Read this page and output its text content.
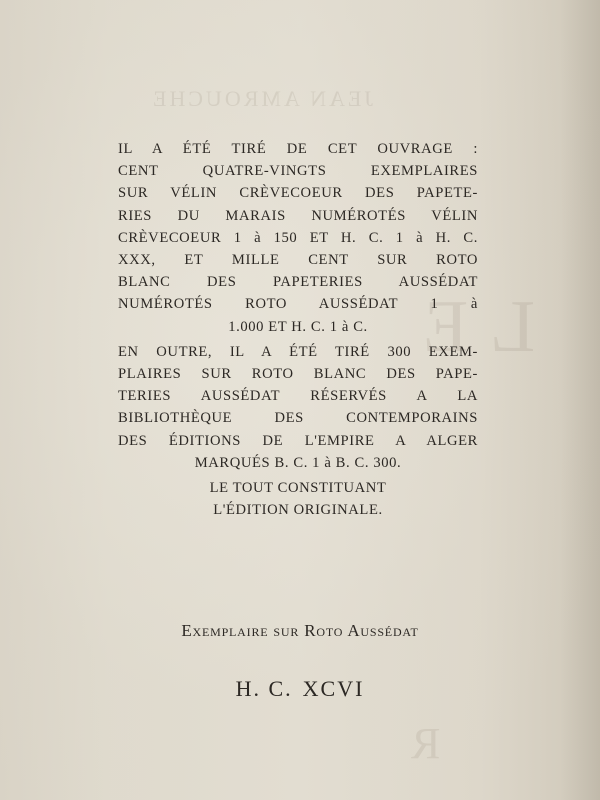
JEAN AMROUCHE
L E
R
IL A ÉTÉ TIRÉ DE CET OUVRAGE :
CENT QUATRE-VINGTS EXEMPLAIRES
SUR VÉLIN CRÈVECOEUR DES PAPETE-
RIES DU MARAIS NUMÉROTÉS VÉLIN
CRÈVECOEUR 1 à 150 ET H. C. 1 à H. C.
XXX, ET MILLE CENT SUR ROTO
BLANC DES PAPETERIES AUSSÉDAT
NUMÉROTÉS ROTO AUSSÉDAT 1 à
1.000 ET H. C. 1 à C.
EN OUTRE, IL A ÉTÉ TIRÉ 300 EXEM-
PLAIRES SUR ROTO BLANC DES PAPE-
TERIES AUSSÉDAT RÉSERVÉS A LA
BIBLIOTHÈQUE DES CONTEMPORAINS
DES ÉDITIONS DE L'EMPIRE A ALGER
MARQUÉS B. C. 1 à B. C. 300.
LE TOUT CONSTITUANT
L'ÉDITION ORIGINALE.
Exemplaire sur Roto Aussédat
H. C. XCVI
